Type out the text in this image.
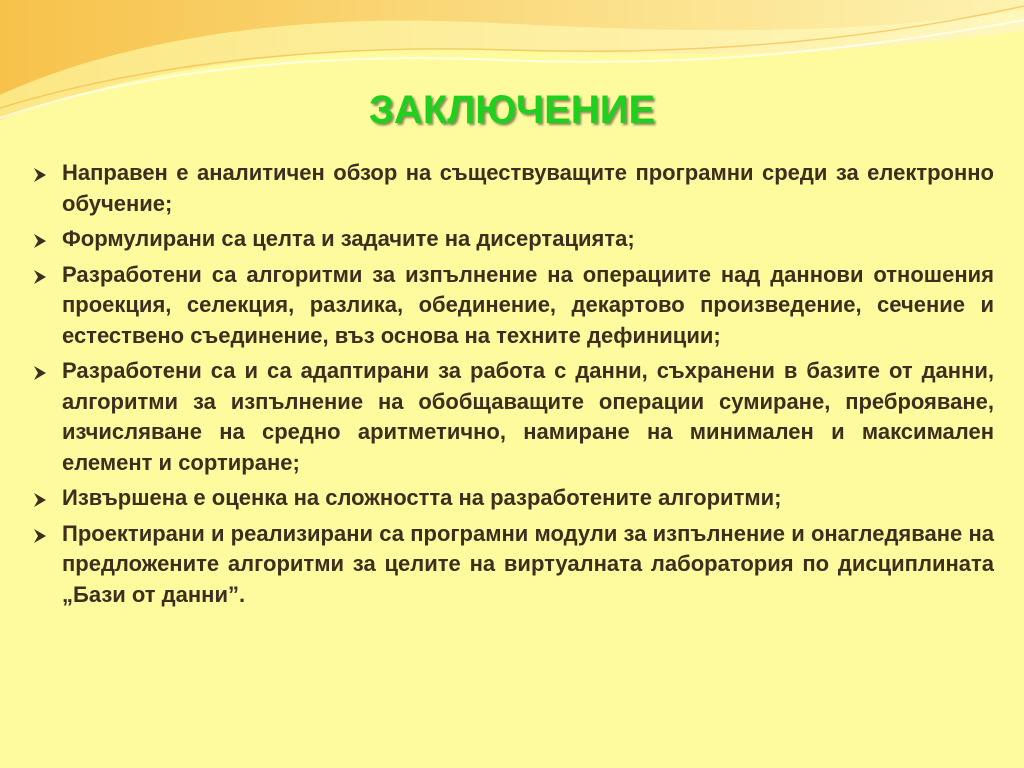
ЗАКЛЮЧЕНИЕ
Направен е аналитичен обзор на съществуващите програмни среди за електронно обучение;
Формулирани са целта и задачите на дисертацията;
Разработени са алгоритми за изпълнение на операциите над даннови отношения проекция, селекция, разлика, обединение, декартово произведение, сечение и естествено съединение, въз основа на техните дефиниции;
Разработени са и са адаптирани за работа с данни, съхранени в базите от данни, алгоритми за изпълнение на обобщаващите операции сумиране, преброяване, изчисляване на средно аритметично, намиране на минимален и максимален елемент и сортиране;
Извършена е оценка на сложността на разработените алгоритми;
Проектирани и реализирани са програмни модули за изпълнение и онагледяване на предложените алгоритми за целите на виртуалната лаборатория по дисциплината „Бази от данни”.
